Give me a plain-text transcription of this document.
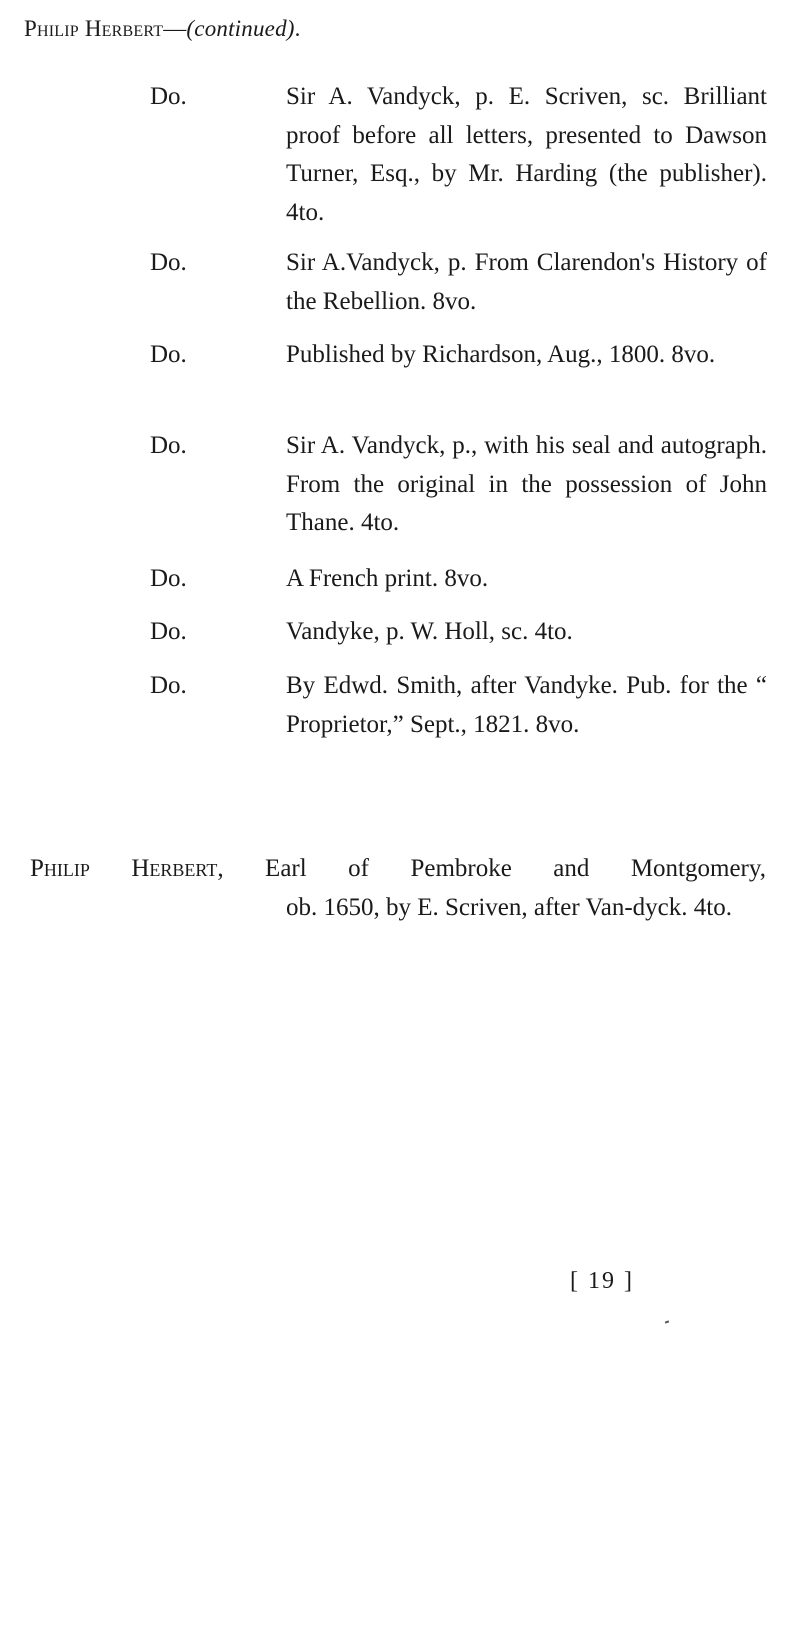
Philip Herbert—(continued).
Do.	Sir A. Vandyck, p. E. Scriven, sc. Brilliant proof before all letters, presented to Dawson Turner, Esq., by Mr. Harding (the publisher). 4to.
Do.	Sir A.Vandyck, p. From Clarendon's History of the Rebellion. 8vo.
Do.	Published by Richardson, Aug., 1800. 8vo.
Do.	Sir A. Vandyck, p., with his seal and autograph. From the original in the possession of John Thane. 4to.
Do.	A French print. 8vo.
Do.	Vandyke, p. W. Holl, sc. 4to.
Do.	By Edwd. Smith, after Vandyke. Pub. for the “ Proprietor,” Sept., 1821. 8vo.
Philip Herbert, Earl of Pembroke and Montgomery,
ob. 1650, by E. Scriven, after Van-dyck. 4to.
[ 19 ]
